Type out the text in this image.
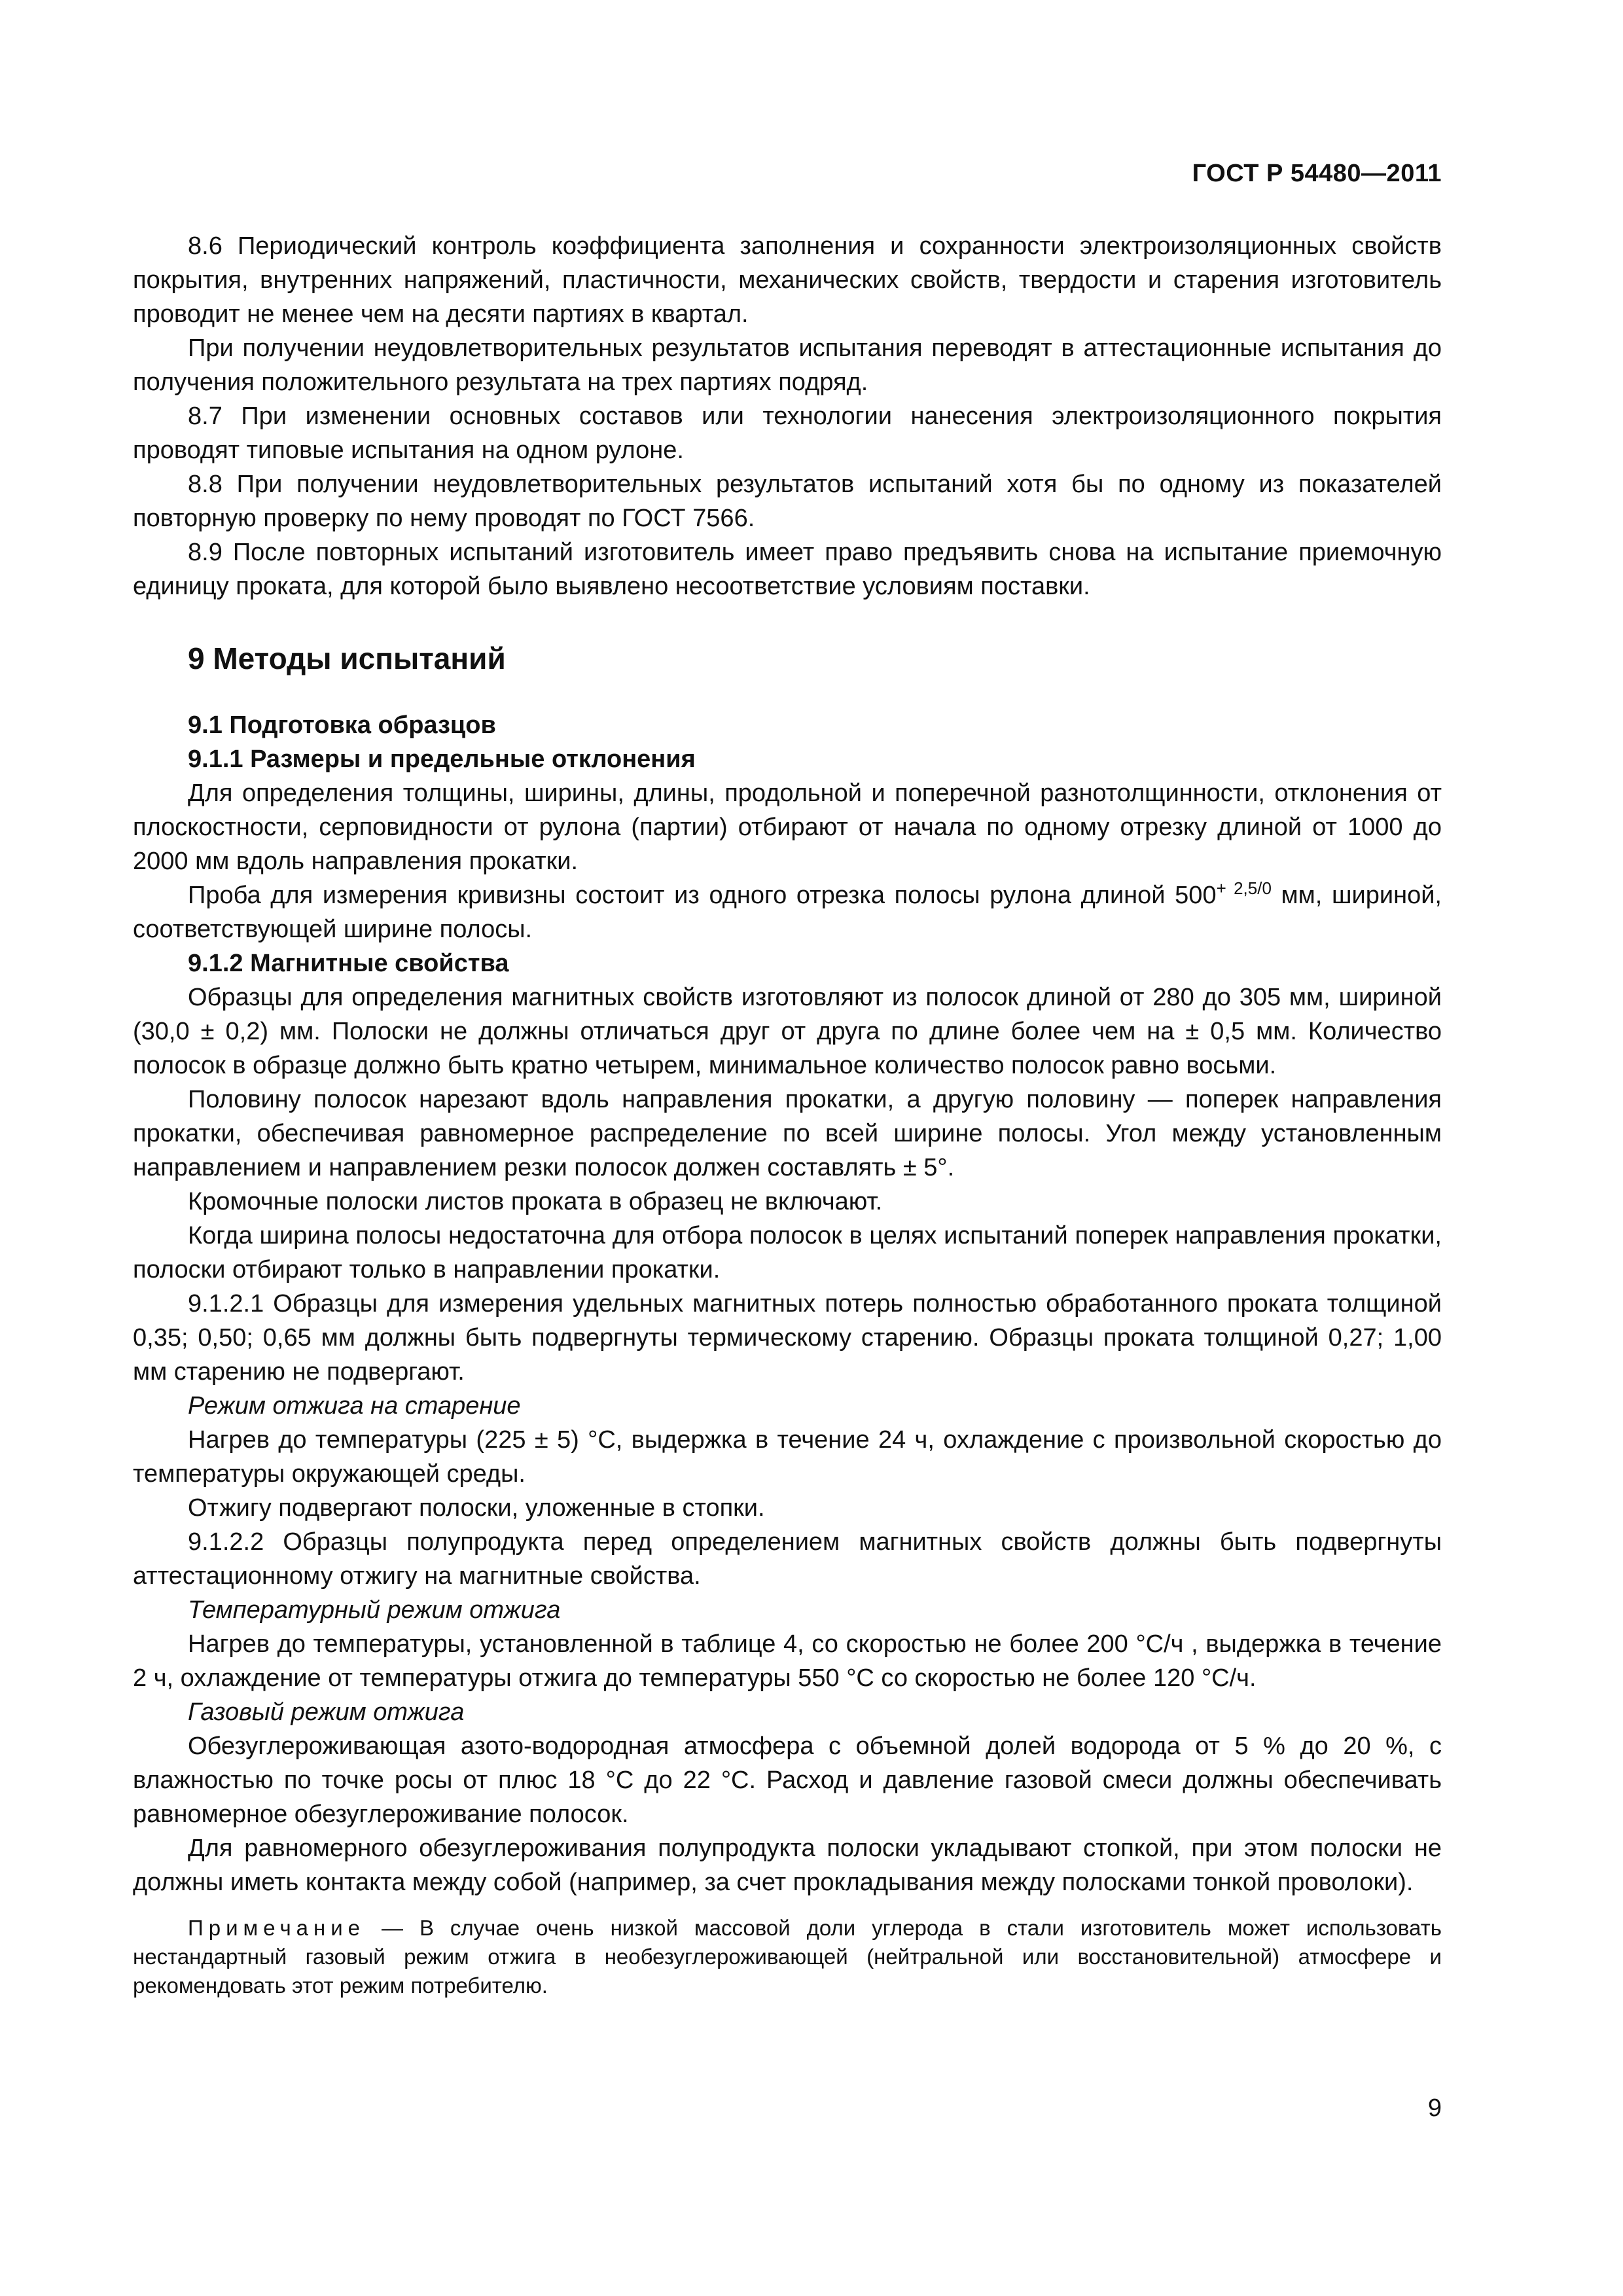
ГОСТ Р 54480—2011

8.6 Периодический контроль коэффициента заполнения и сохранности электроизоляционных свойств покрытия, внутренних напряжений, пластичности, механических свойств, твердости и старения изготовитель проводит не менее чем на десяти партиях в квартал.

При получении неудовлетворительных результатов испытания переводят в аттестационные испытания до получения положительного результата на трех партиях подряд.

8.7 При изменении основных составов или технологии нанесения электроизоляционного покрытия проводят типовые испытания на одном рулоне.

8.8 При получении неудовлетворительных результатов испытаний хотя бы по одному из показателей повторную проверку по нему проводят по ГОСТ 7566.

8.9 После повторных испытаний изготовитель имеет право предъявить снова на испытание приемочную единицу проката, для которой было выявлено несоответствие условиям поставки.

9 Методы испытаний
9.1 Подготовка образцов
9.1.1 Размеры и предельные отклонения

Для определения толщины, ширины, длины, продольной и поперечной разнотолщинности, отклонения от плоскостности, серповидности от рулона (партии) отбирают от начала по одному отрезку длиной от 1000 до 2000 мм вдоль направления прокатки.

Проба для измерения кривизны состоит из одного отрезка полосы рулона длиной $500^{+ 2,5/0}$ мм, шириной, соответствующей ширине полосы.

9.1.2 Магнитные свойства

Образцы для определения магнитных свойств изготовляют из полосок длиной от 280 до 305 мм, шириной (30,0 ± 0,2) мм. Полоски не должны отличаться друг от друга по длине более чем на ± 0,5 мм. Количество полосок в образце должно быть кратно четырем, минимальное количество полосок равно восьми.

Половину полосок нарезают вдоль направления прокатки, а другую половину — поперек направления прокатки, обеспечивая равномерное распределение по всей ширине полосы. Угол между установленным направлением и направлением резки полосок должен составлять ± 5°.

Кромочные полоски листов проката в образец не включают.

Когда ширина полосы недостаточна для отбора полосок в целях испытаний поперек направления прокатки, полоски отбирают только в направлении прокатки.

9.1.2.1 Образцы для измерения удельных магнитных потерь полностью обработанного проката толщиной 0,35; 0,50; 0,65 мм должны быть подвергнуты термическому старению. Образцы проката толщиной 0,27; 1,00 мм старению не подвергают.

Режим отжига на старение

Нагрев до температуры (225 ± 5) °С, выдержка в течение 24 ч, охлаждение с произвольной скоростью до температуры окружающей среды.

Отжигу подвергают полоски, уложенные в стопки.

9.1.2.2 Образцы полупродукта перед определением магнитных свойств должны быть подвергнуты аттестационному отжигу на магнитные свойства.

Температурный режим отжига

Нагрев до температуры, установленной в таблице 4, со скоростью не более 200 °С/ч , выдержка в течение 2 ч, охлаждение от температуры отжига до температуры 550 °С со скоростью не более 120 °С/ч.

Газовый режим отжига

Обезуглероживающая азото-водородная атмосфера с объемной долей водорода от 5 % до 20 %, с влажностью по точке росы от плюс 18 °С до 22 °С. Расход и давление газовой смеси должны обеспечивать равномерное обезуглероживание полосок.

Для равномерного обезуглероживания полупродукта полоски укладывают стопкой, при этом полоски не должны иметь контакта между собой (например, за счет прокладывания между полосками тонкой проволоки).

Примечание — В случае очень низкой массовой доли углерода в стали изготовитель может использовать нестандартный газовый режим отжига в необезуглероживающей (нейтральной или восстановительной) атмосфере и рекомендовать этот режим потребителю.
9
